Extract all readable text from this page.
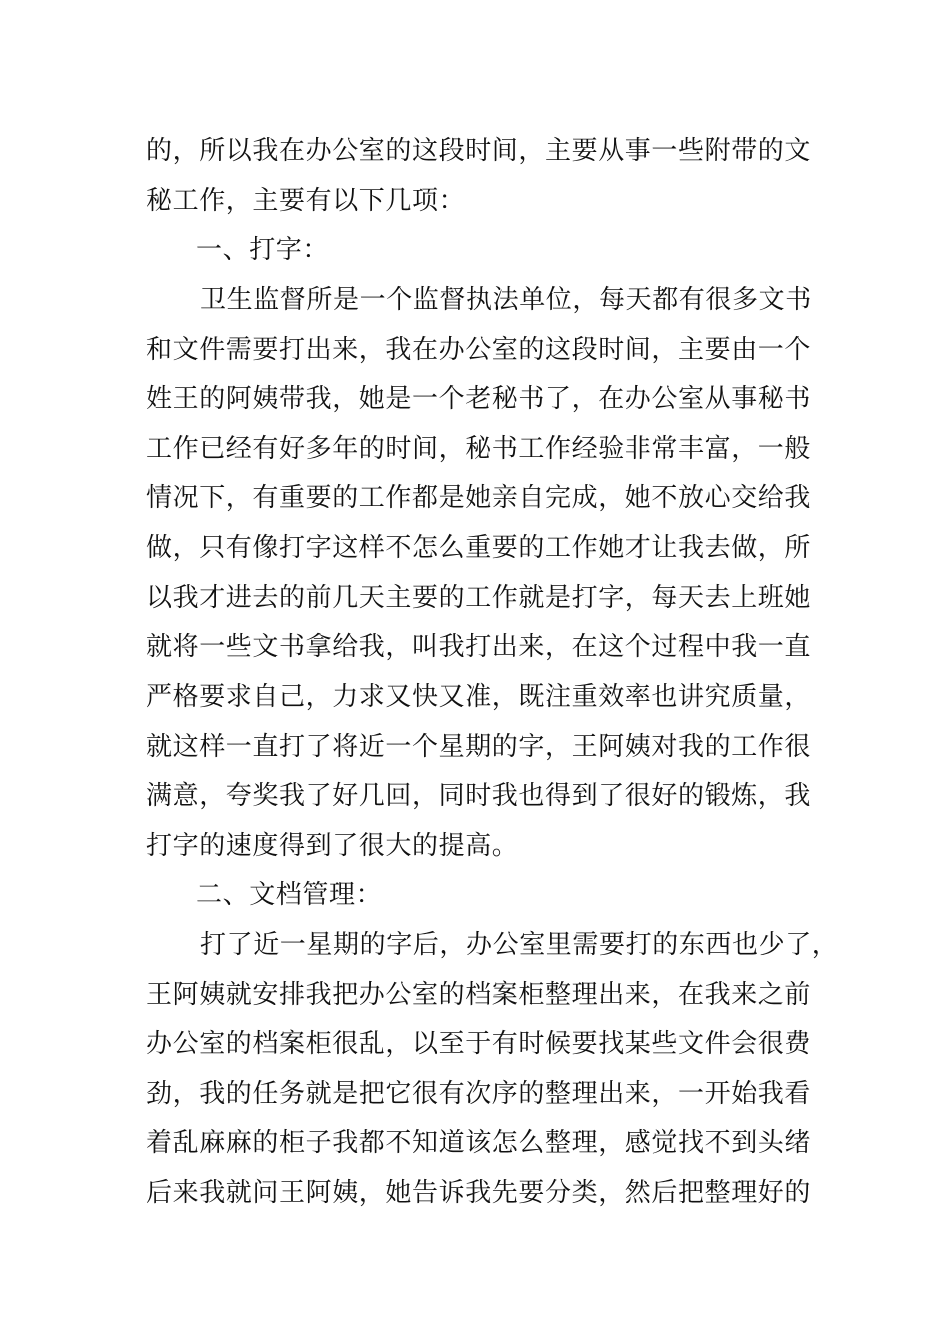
的，所以我在办公室的这段时间，主要从事一些附带的文
秘工作，主要有以下几项：
一、打字：
卫生监督所是一个监督执法单位，每天都有很多文书
和文件需要打出来，我在办公室的这段时间，主要由一个
姓王的阿姨带我，她是一个老秘书了，在办公室从事秘书
工作已经有好多年的时间，秘书工作经验非常丰富，一般
情况下，有重要的工作都是她亲自完成，她不放心交给我
做，只有像打字这样不怎么重要的工作她才让我去做，所
以我才进去的前几天主要的工作就是打字，每天去上班她
就将一些文书拿给我，叫我打出来，在这个过程中我一直
严格要求自己，力求又快又准，既注重效率也讲究质量，
就这样一直打了将近一个星期的字，王阿姨对我的工作很
满意，夸奖我了好几回，同时我也得到了很好的锻炼，我
打字的速度得到了很大的提高。
二、文档管理：
打了近一星期的字后，办公室里需要打的东西也少了，
王阿姨就安排我把办公室的档案柜整理出来，在我来之前
办公室的档案柜很乱，以至于有时候要找某些文件会很费
劲，我的任务就是把它很有次序的整理出来，一开始我看
着乱麻麻的柜子我都不知道该怎么整理，感觉找不到头绪
后来我就问王阿姨，她告诉我先要分类，然后把整理好的
